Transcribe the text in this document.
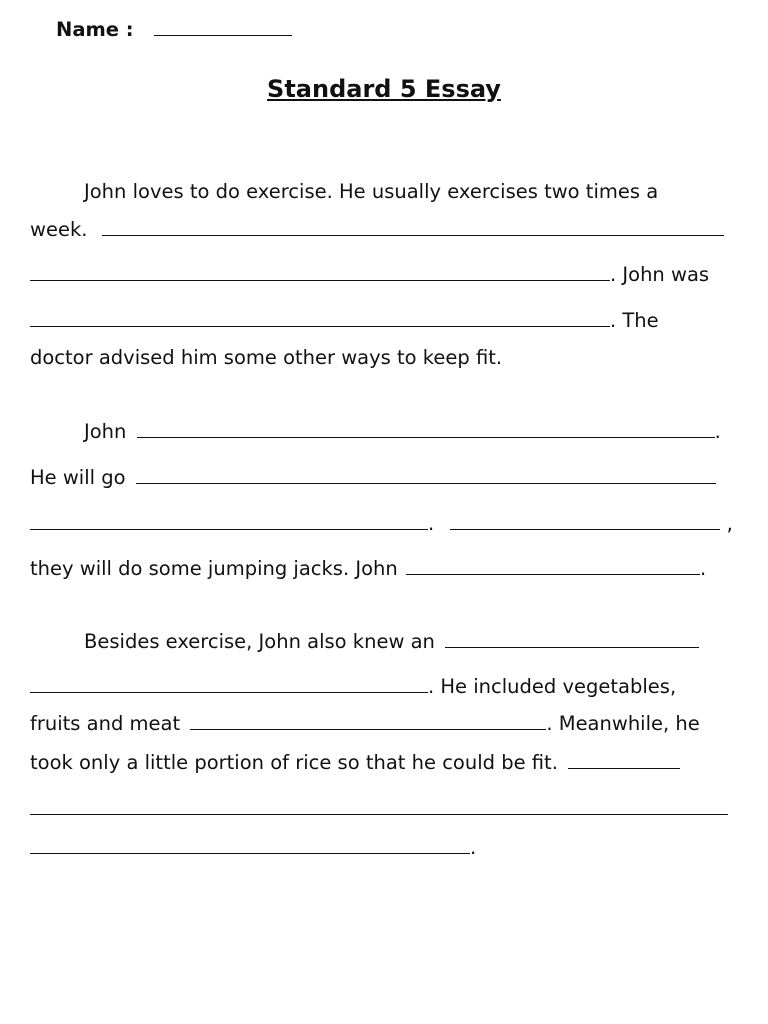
Name :
Standard 5 Essay
John loves to do exercise. He usually exercises two times a
week.
. John was
. The
doctor advised him some other ways to keep fit.
John	.
He will go
.	,
they will do some jumping jacks. John	.
Besides exercise, John also knew an
. He included vegetables,
fruits and meat	. Meanwhile, he
took only a little portion of rice so that he could be fit.
.
